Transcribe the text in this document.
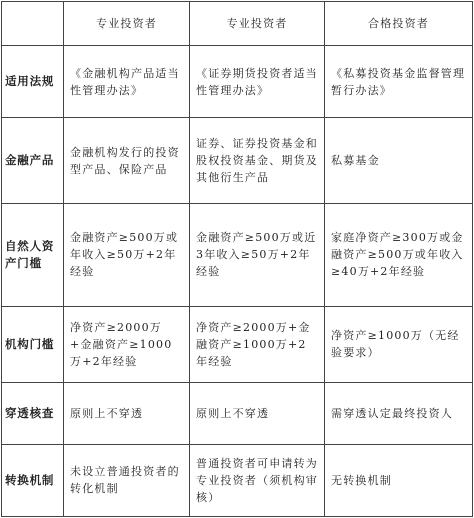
	专业投资者	专业投资者	合格投资者
适用法规	《金融机构产品适当性管理办法》	《证券期货投资者适当性管理办法》	《私募投资基金监督管理暂行办法》
金融产品	金融机构发行的投资型产品、保险产品	证券、证券投资基金和股权投资基金、期货及其他衍生产品	私募基金
自然人资产门槛	金融资产≥500万或年收入≥50万+2年经验	金融资产≥500万或近3年收入≥50万+2年经验	家庭净资产≥300万或金融资产≥500万或年收入≥40万+2年经验
机构门槛	净资产≥2000万+金融资产≥1000万+2年经验	净资产≥2000万+金融资产≥1000万+2年经验	净资产≥1000万（无经验要求）
穿透核查	原则上不穿透	原则上不穿透	需穿透认定最终投资人
转换机制	未设立普通投资者的转化机制	普通投资者可申请转为专业投资者（须机构审核）	无转换机制
